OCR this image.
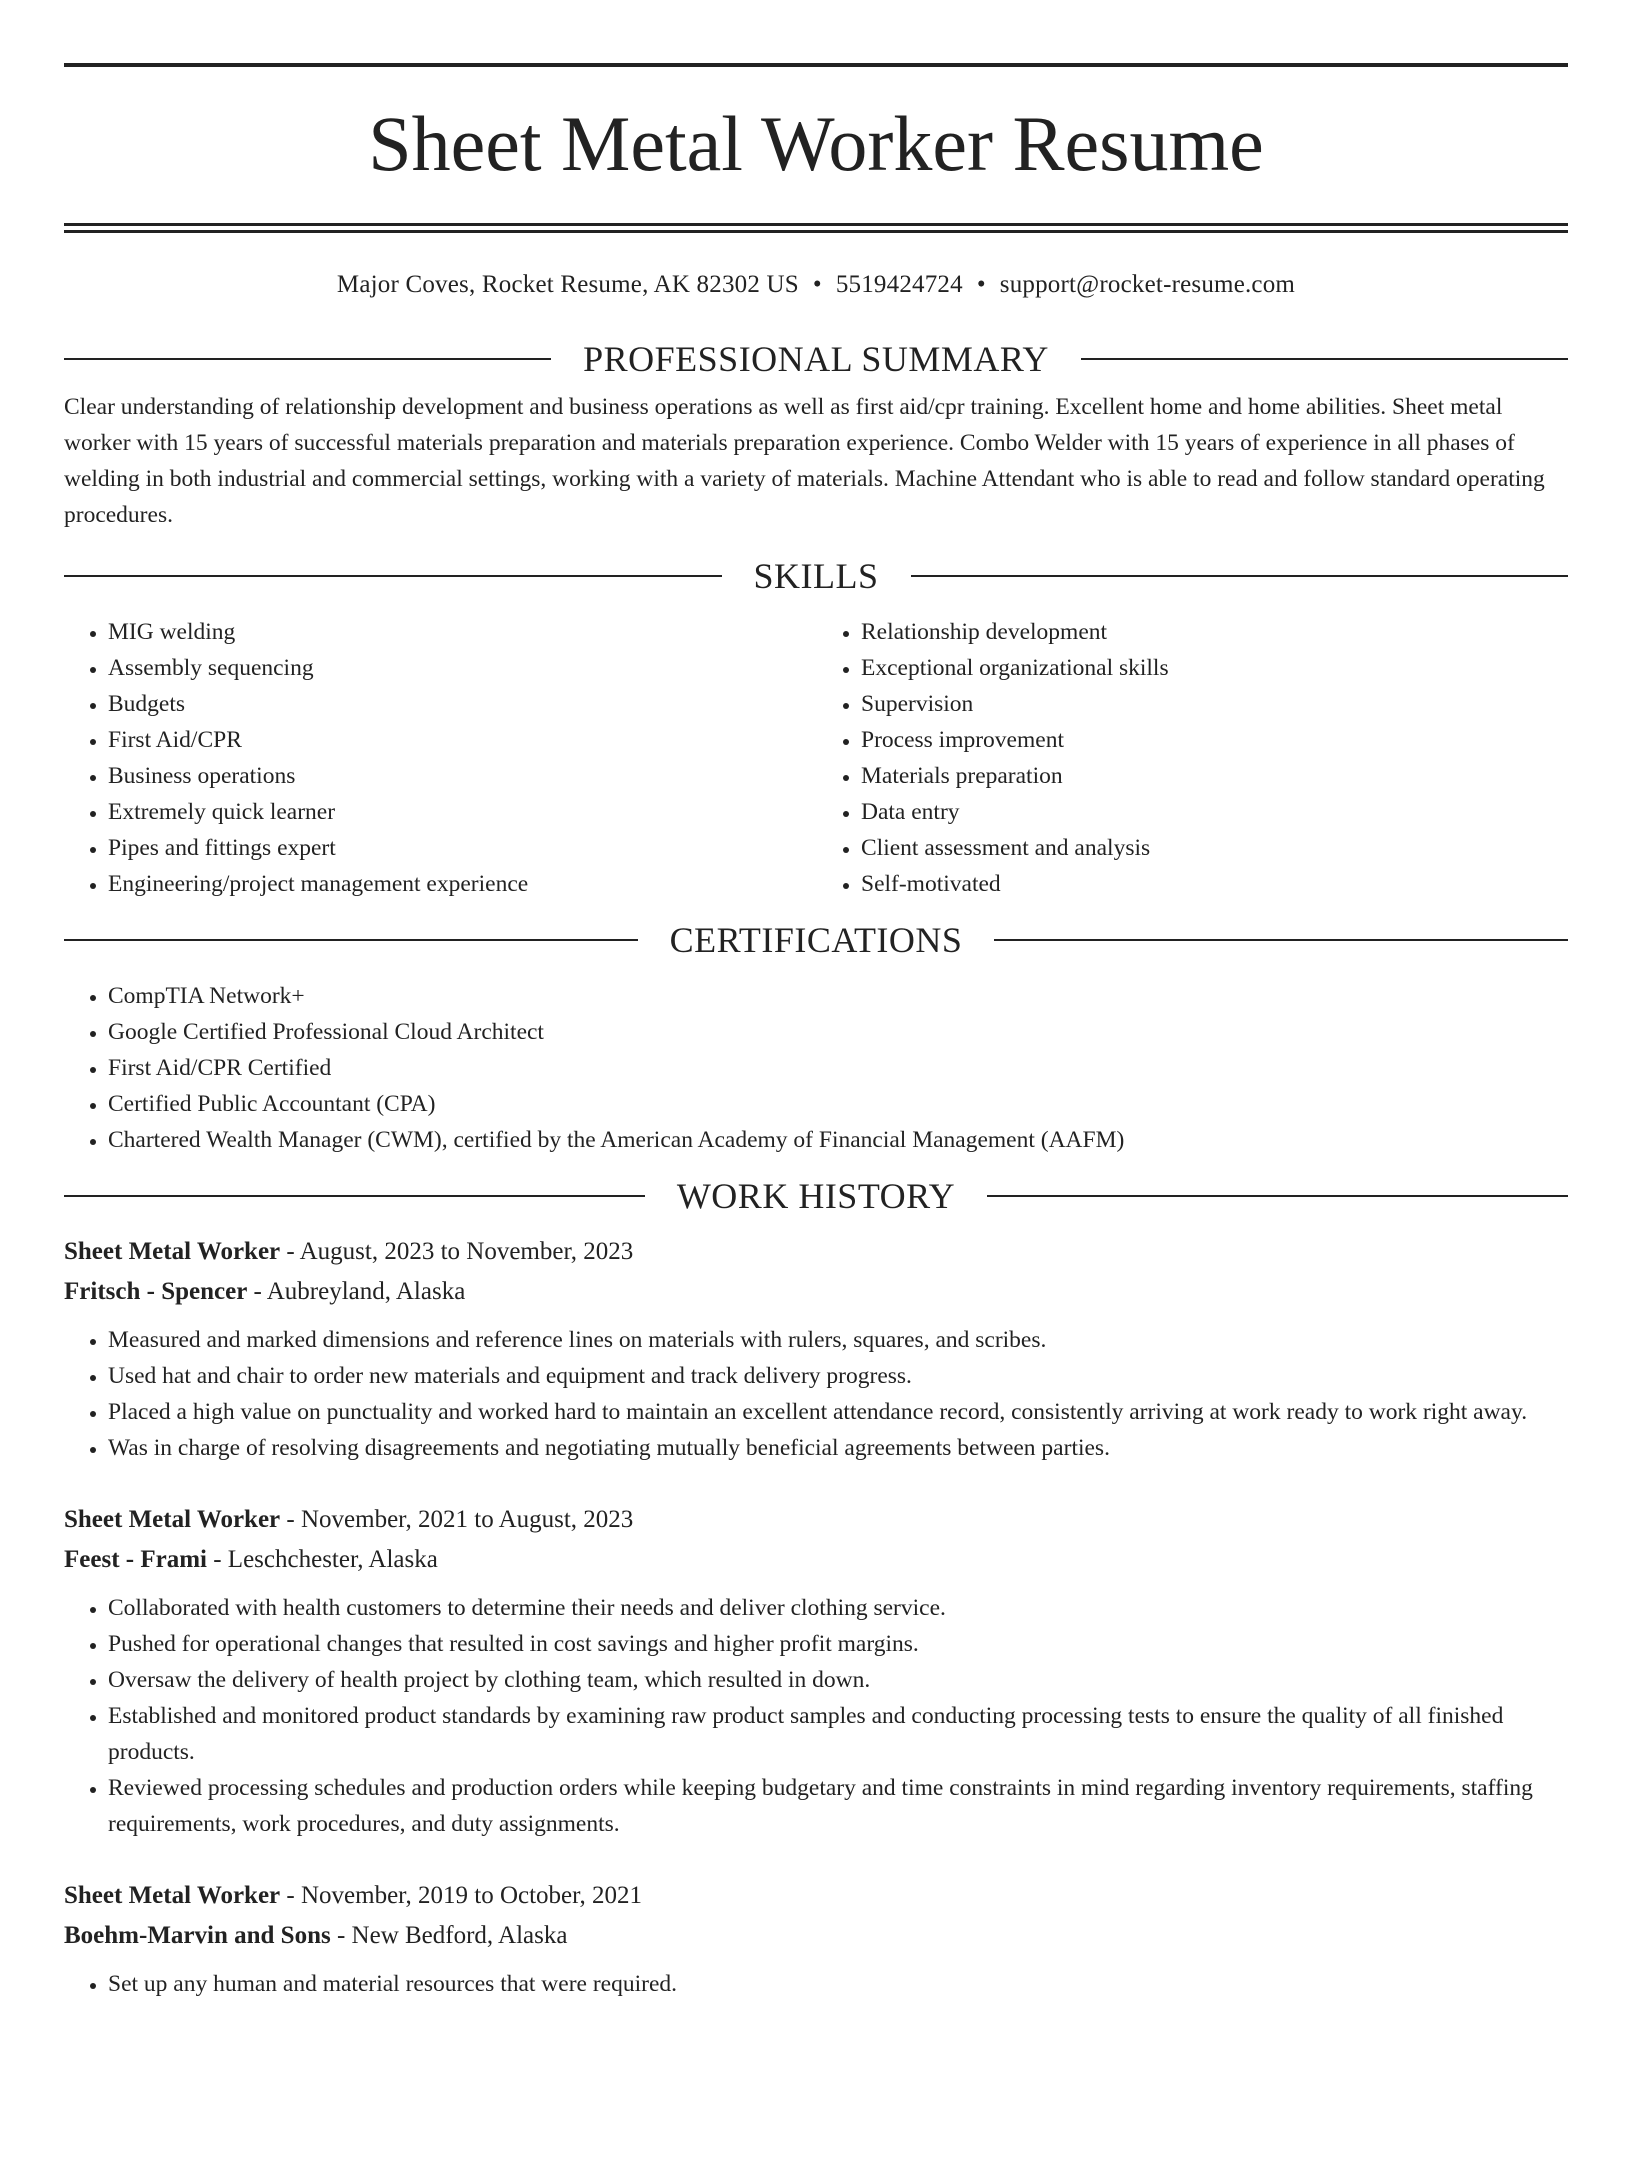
Sheet Metal Worker Resume
Major Coves, Rocket Resume, AK 82302 US • 5519424724 • support@rocket-resume.com
PROFESSIONAL SUMMARY

Clear understanding of relationship development and business operations as well as first aid/cpr training. Excellent home and home abilities. Sheet metal worker with 15 years of successful materials preparation and materials preparation experience. Combo Welder with 15 years of experience in all phases of welding in both industrial and commercial settings, working with a variety of materials. Machine Attendant who is able to read and follow standard operating procedures.

SKILLS
• MIG welding
• Assembly sequencing
• Budgets
• First Aid/CPR
• Business operations
• Extremely quick learner
• Pipes and fittings expert
• Engineering/project management experience
• Relationship development
• Exceptional organizational skills
• Supervision
• Process improvement
• Materials preparation
• Data entry
• Client assessment and analysis
• Self-motivated
CERTIFICATIONS
• CompTIA Network+
• Google Certified Professional Cloud Architect
• First Aid/CPR Certified
• Certified Public Accountant (CPA)
• Chartered Wealth Manager (CWM), certified by the American Academy of Financial Management (AAFM)
WORK HISTORY
Sheet Metal Worker - August, 2023 to November, 2023
Fritsch - Spencer - Aubreyland, Alaska
• Measured and marked dimensions and reference lines on materials with rulers, squares, and scribes.
• Used hat and chair to order new materials and equipment and track delivery progress.
• Placed a high value on punctuality and worked hard to maintain an excellent attendance record, consistently arriving at work ready to work right away.
• Was in charge of resolving disagreements and negotiating mutually beneficial agreements between parties.
Sheet Metal Worker - November, 2021 to August, 2023
Feest - Frami - Leschchester, Alaska
• Collaborated with health customers to determine their needs and deliver clothing service.
• Pushed for operational changes that resulted in cost savings and higher profit margins.
• Oversaw the delivery of health project by clothing team, which resulted in down.
• Established and monitored product standards by examining raw product samples and conducting processing tests to ensure the quality of all finished products.
• Reviewed processing schedules and production orders while keeping budgetary and time constraints in mind regarding inventory requirements, staffing requirements, work procedures, and duty assignments.
Sheet Metal Worker - November, 2019 to October, 2021
Boehm-Marvin and Sons - New Bedford, Alaska
• Set up any human and material resources that were required.
